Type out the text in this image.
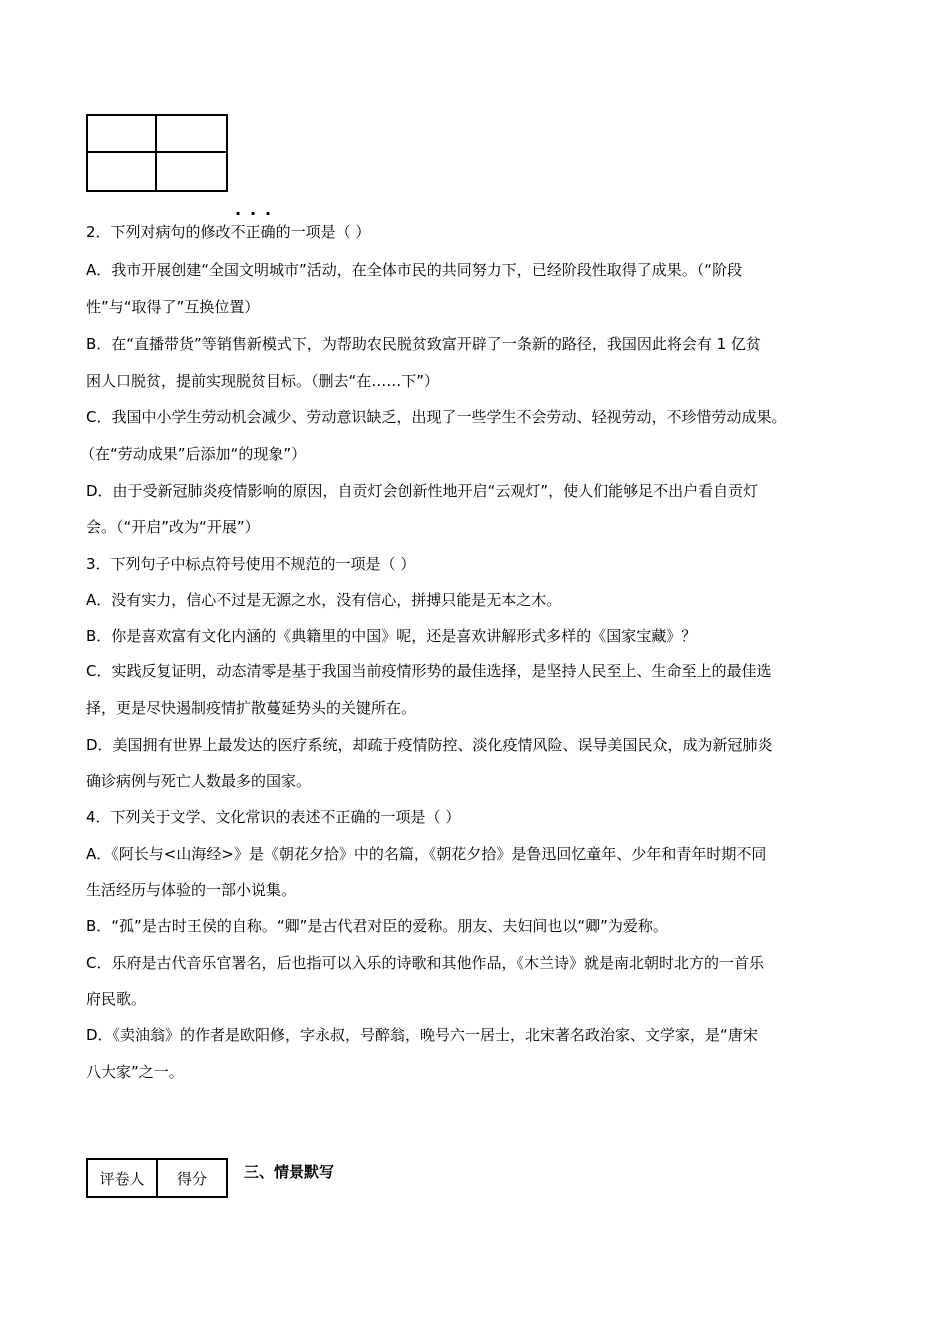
2．下列对病句的修改不正确的一项是（ ）
A．我市开展创建“全国文明城市”活动，在全体市民的共同努力下，已经阶段性取得了成果。（“阶段
性”与“取得了”互换位置）
B．在“直播带货”等销售新模式下，为帮助农民脱贫致富开辟了一条新的路径，我国因此将会有 1 亿贫
困人口脱贫，提前实现脱贫目标。（删去“在……下”）
C．我国中小学生劳动机会减少、劳动意识缺乏，出现了一些学生不会劳动、轻视劳动，不珍惜劳动成果。
（在“劳动成果”后添加“的现象”）
D．由于受新冠肺炎疫情影响的原因，自贡灯会创新性地开启“云观灯”，使人们能够足不出户看自贡灯
会。（“开启”改为“开展”）
3．下列句子中标点符号使用不规范的一项是（ ）
A．没有实力，信心不过是无源之水，没有信心，拼搏只能是无本之木。
B．你是喜欢富有文化内涵的《典籍里的中国》呢，还是喜欢讲解形式多样的《国家宝藏》？
C．实践反复证明，动态清零是基于我国当前疫情形势的最佳选择，是坚持人民至上、生命至上的最佳选
择，更是尽快遏制疫情扩散蔓延势头的关键所在。
D．美国拥有世界上最发达的医疗系统，却疏于疫情防控、淡化疫情风险、误导美国民众，成为新冠肺炎
确诊病例与死亡人数最多的国家。
4．下列关于文学、文化常识的表述不正确的一项是（ ）
A．《阿长与<山海经>》是《朝花夕拾》中的名篇，《朝花夕拾》是鲁迅回忆童年、少年和青年时期不同
生活经历与体验的一部小说集。
B．“孤”是古时王侯的自称。“卿”是古代君对臣的爱称。朋友、夫妇间也以“卿”为爱称。
C．乐府是古代音乐官署名，后也指可以入乐的诗歌和其他作品，《木兰诗》就是南北朝时北方的一首乐
府民歌。
D．《卖油翁》的作者是欧阳修，字永叔，号醉翁，晚号六一居士，北宋著名政治家、文学家，是“唐宋
八大家”之一。
评卷人	得分	三、情景默写
